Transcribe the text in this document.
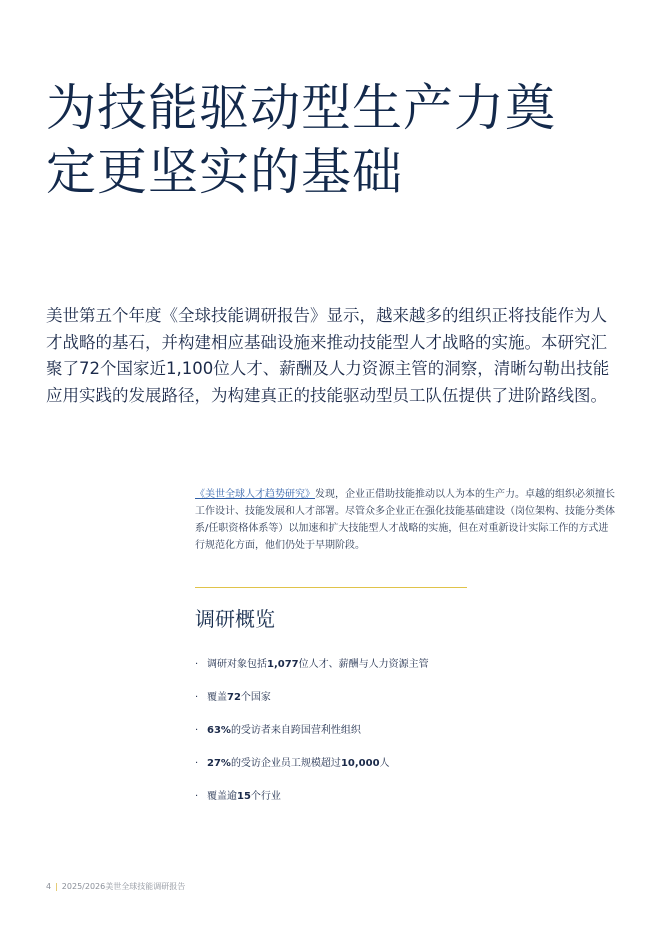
为技能驱动型生产力奠
定更坚实的基础

美世第五个年度《全球技能调研报告》显示，越来越多的组织正将技能作为人才战略的基石，并构建相应基础设施来推动技能型人才战略的实施。本研究汇聚了72个国家近1,100位人才、薪酬及人力资源主管的洞察，清晰勾勒出技能应用实践的发展路径，为构建真正的技能驱动型员工队伍提供了进阶路线图。

《美世全球人才趋势研究》发现，企业正借助技能推动以人为本的生产力。卓越的组织必须擅长工作设计、技能发展和人才部署。尽管众多企业正在强化技能基础建设（岗位架构、技能分类体系/任职资格体系等）以加速和扩大技能型人才战略的实施，但在对重新设计实际工作的方式进行规范化方面，他们仍处于早期阶段。

调研概览
· 调研对象包括1,077位人才、薪酬与人力资源主管
· 覆盖72个国家
· 63%的受访者来自跨国营利性组织
· 27%的受访企业员工规模超过10,000人
· 覆盖逾15个行业
4 | 2025/2026美世全球技能调研报告
